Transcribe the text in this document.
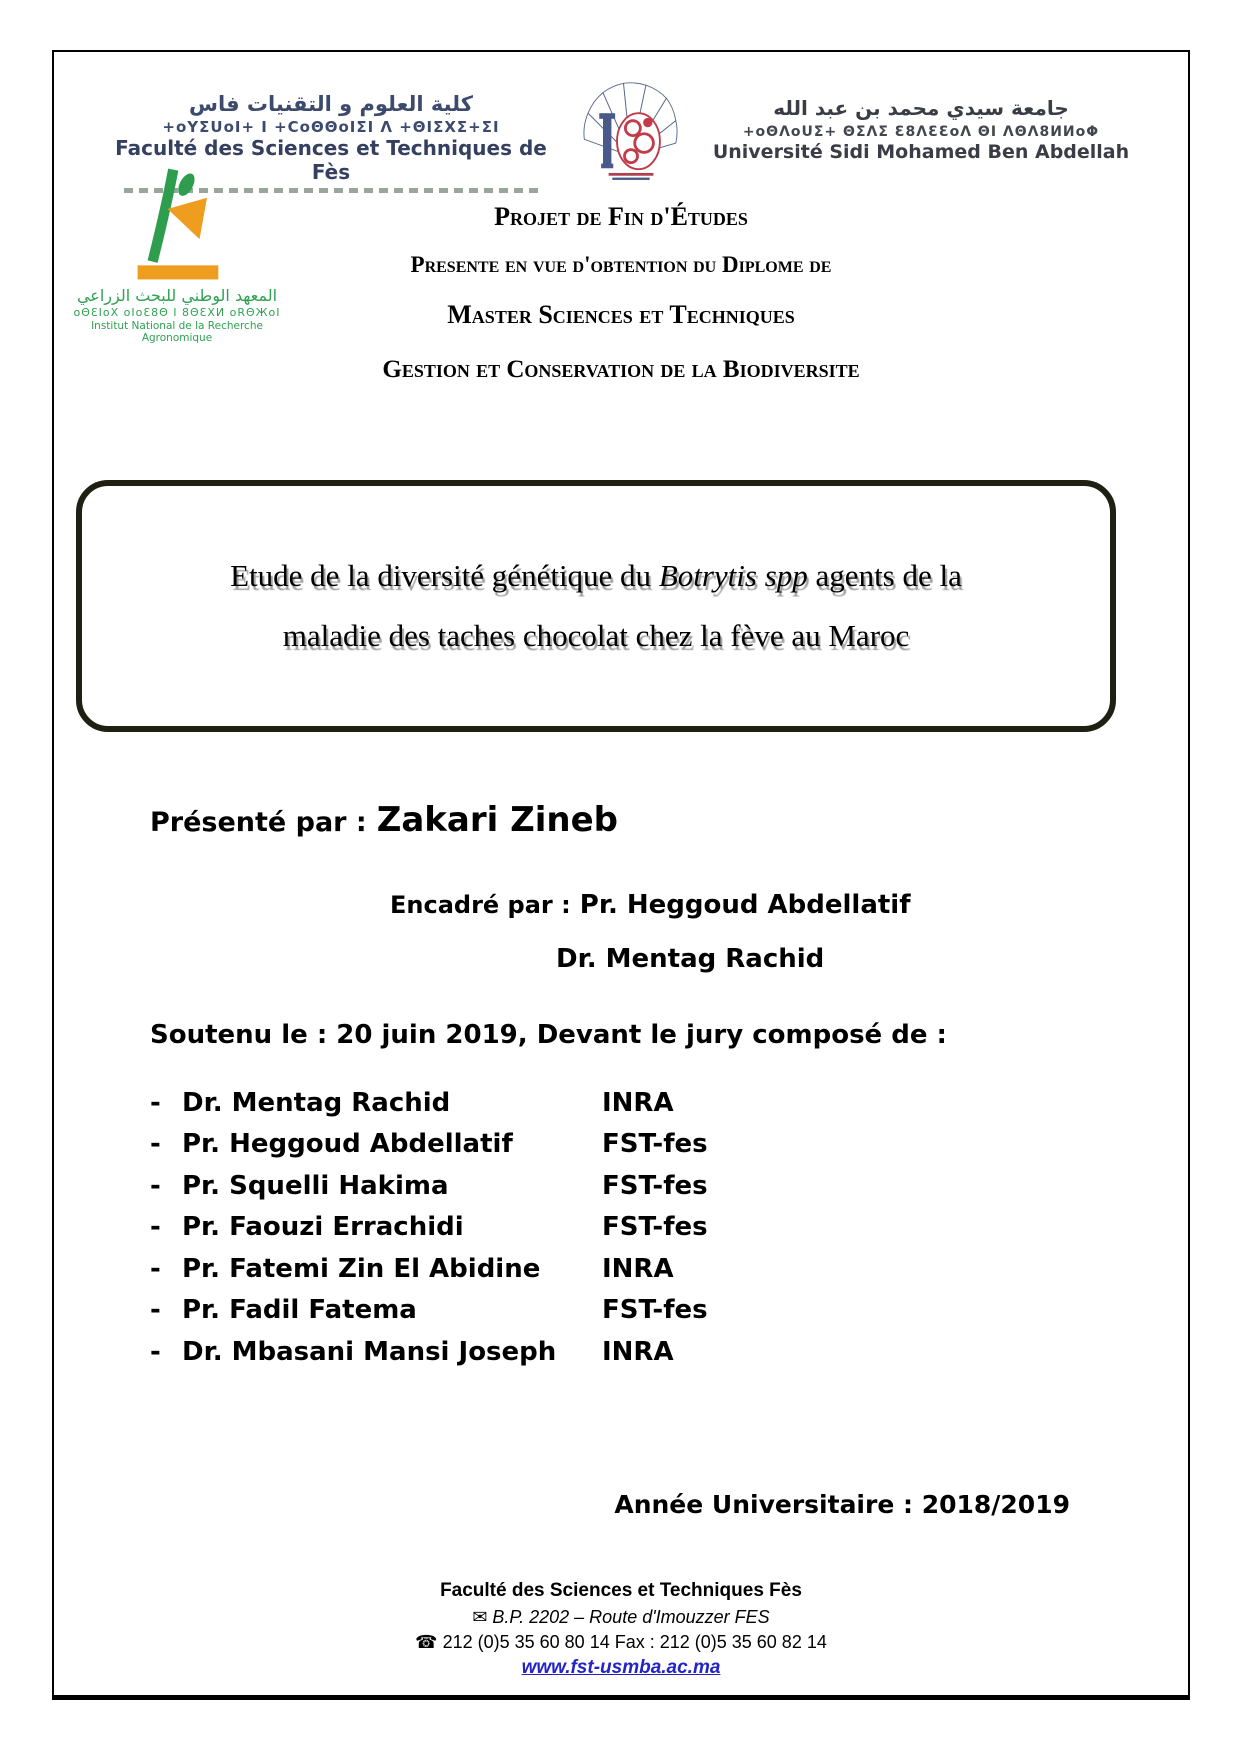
كلية العلوم و التقنيات فاس
+oYΣUoI+ I +CoΘΘoIΣI Λ +ΘIΣXΣ+ΣI
Faculté des Sciences et Techniques de Fès
جامعة سيدي محمد بن عبد الله
+oΘΛoUΣ+ ΘΣΛΣ Ɛ8ΛƐƐoΛ ΘI ΛΘΛ8ИИoΦ
Université Sidi Mohamed Ben Abdellah
المعهد الوطني للبحث الزراعي
oΘƐIoX oIoƐ8Θ I 8ΘƐXИ oRΘЖoI
Institut National de la Recherche Agronomique
Projet de Fin d'Études
Presente en vue d'obtention du Diplome de
Master Sciences et Techniques
Gestion et Conservation de la Biodiversite
Etude de la diversité génétique du Botrytis spp agents de la
maladie des taches chocolat chez la fève au Maroc
Présenté par : Zakari Zineb
Encadré par : Pr. Heggoud Abdellatif
Dr. Mentag Rachid
Soutenu le : 20 juin 2019, Devant le jury composé de :
- Dr. Mentag Rachid	INRA
- Pr. Heggoud Abdellatif	FST-fes
- Pr. Squelli Hakima	FST-fes
- Pr. Faouzi Errachidi	FST-fes
- Pr. Fatemi Zin El Abidine	INRA
- Pr. Fadil Fatema	FST-fes
- Dr. Mbasani Mansi Joseph	INRA
Année Universitaire : 2018/2019
Faculté des Sciences et Techniques Fès
✉ B.P. 2202 – Route d'Imouzzer FES
☎ 212 (0)5 35 60 80 14 Fax : 212 (0)5 35 60 82 14
www.fst-usmba.ac.ma
